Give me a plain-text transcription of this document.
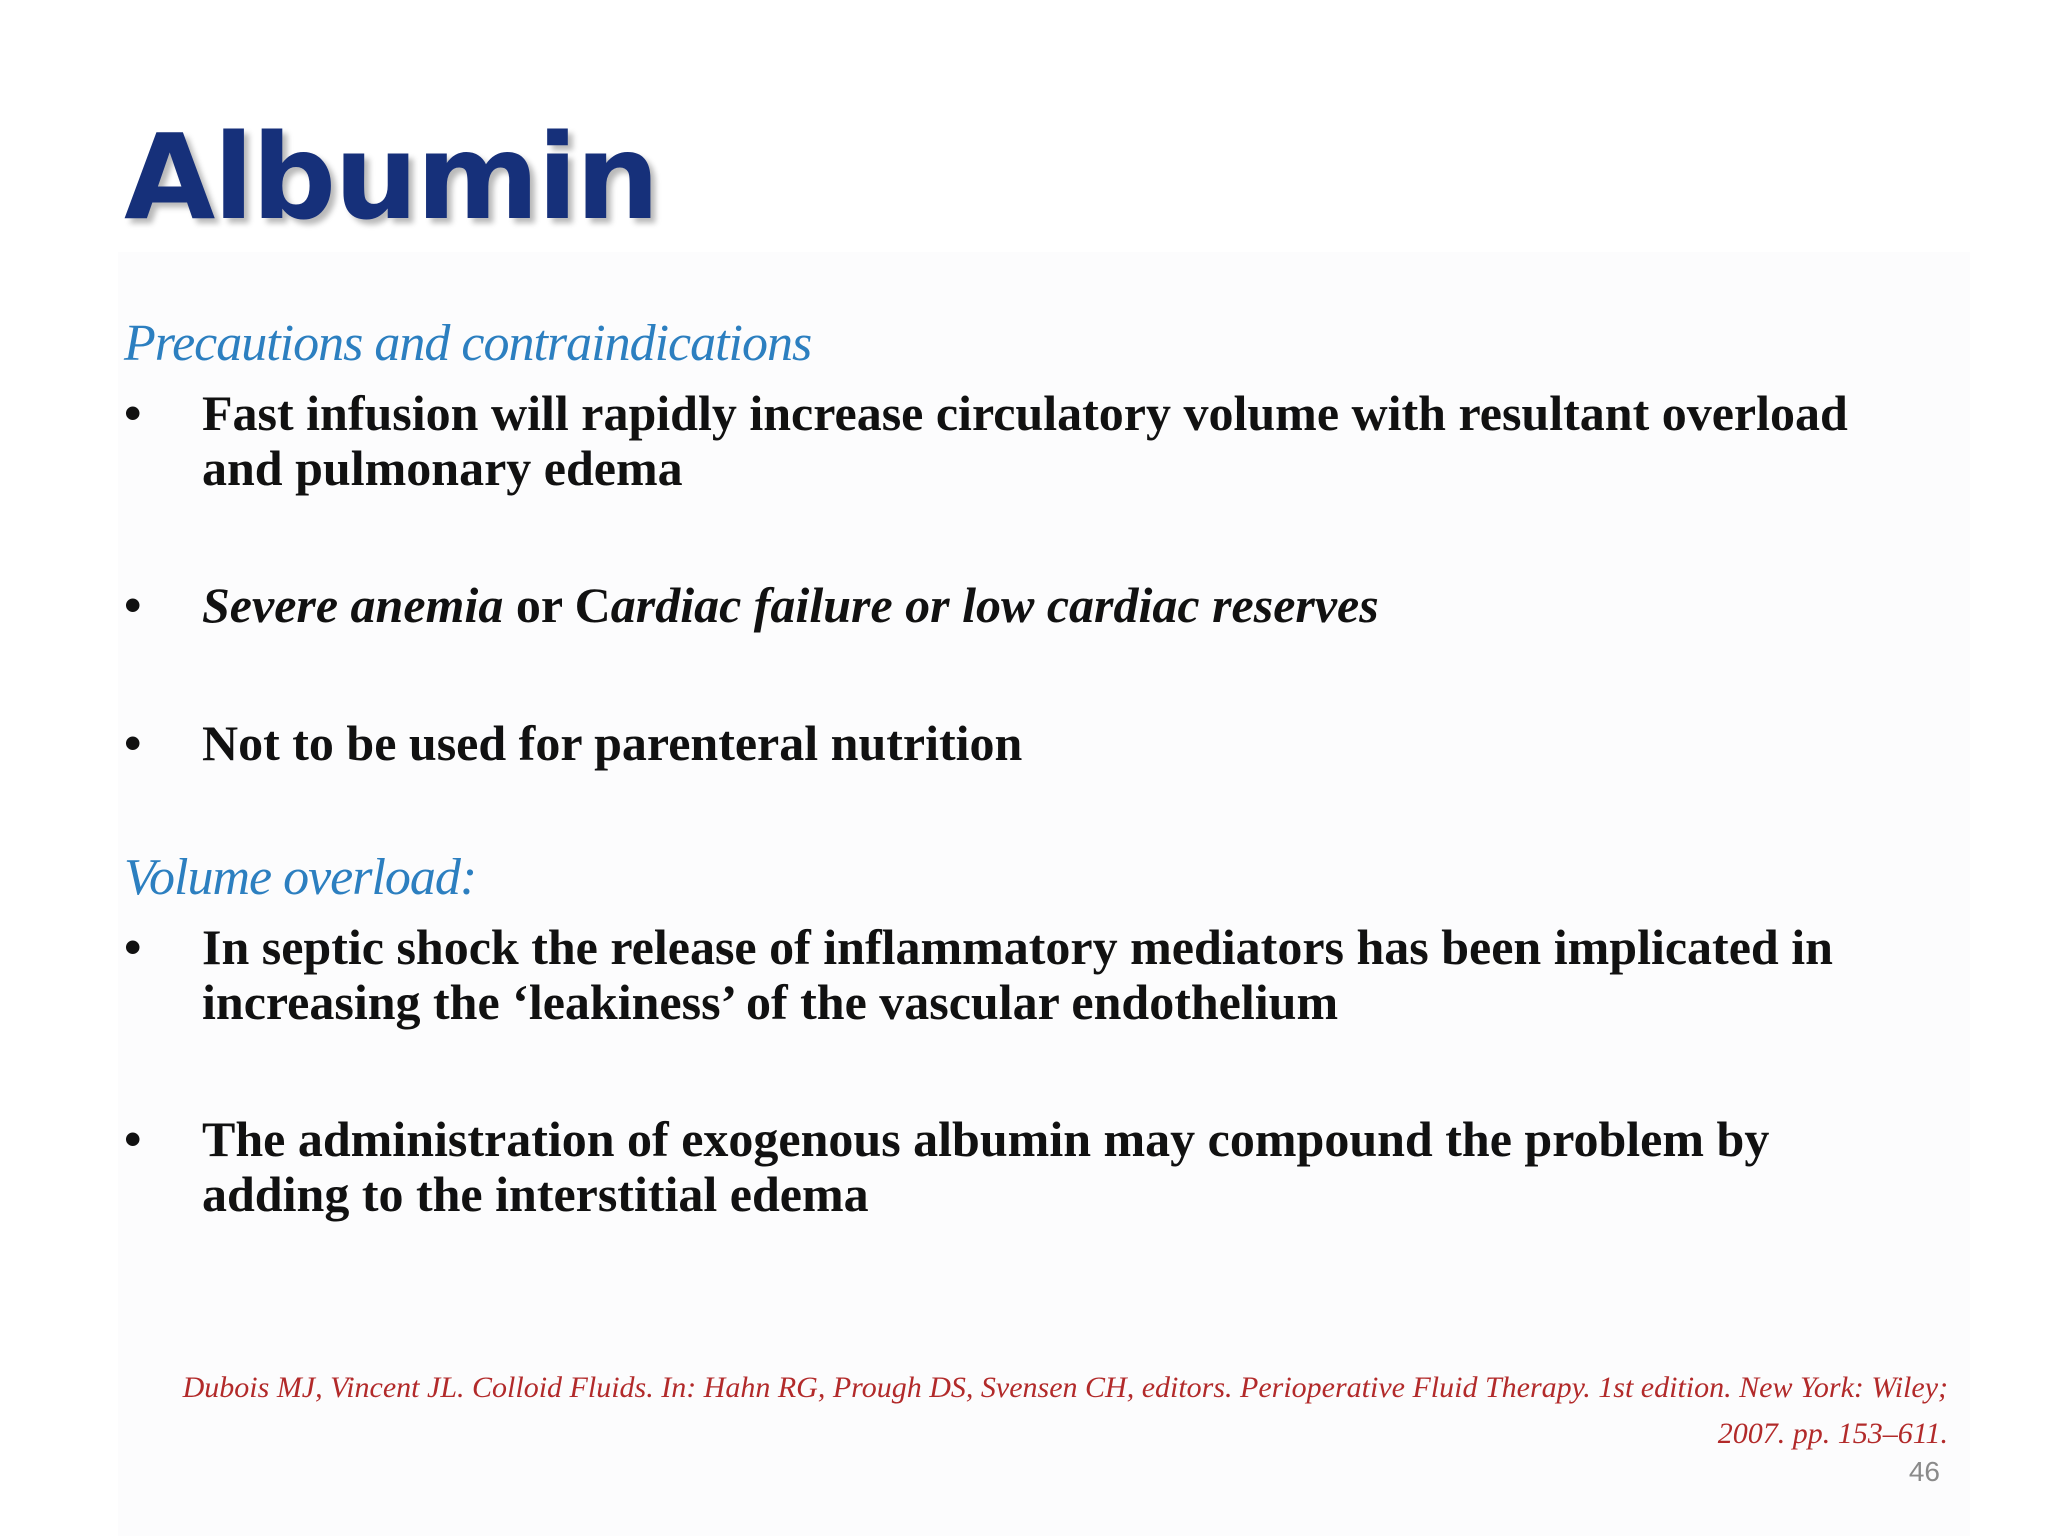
Albumin

Precautions and contraindications

•	Fast infusion will rapidly increase circulatory volume with resultant overload and pulmonary edema
•	Severe anemia or Cardiac failure or low cardiac reserves
•	Not to be used for parenteral nutrition

Volume overload:

•	In septic shock the release of inflammatory mediators has been implicated in increasing the ‘leakiness’ of the vascular endothelium
•	The administration of exogenous albumin may compound the problem by adding to the interstitial edema
Dubois MJ, Vincent JL. Colloid Fluids. In: Hahn RG, Prough DS, Svensen CH, editors. Perioperative Fluid Therapy. 1st edition. New York: Wiley;
2007. pp. 153–611.
46
